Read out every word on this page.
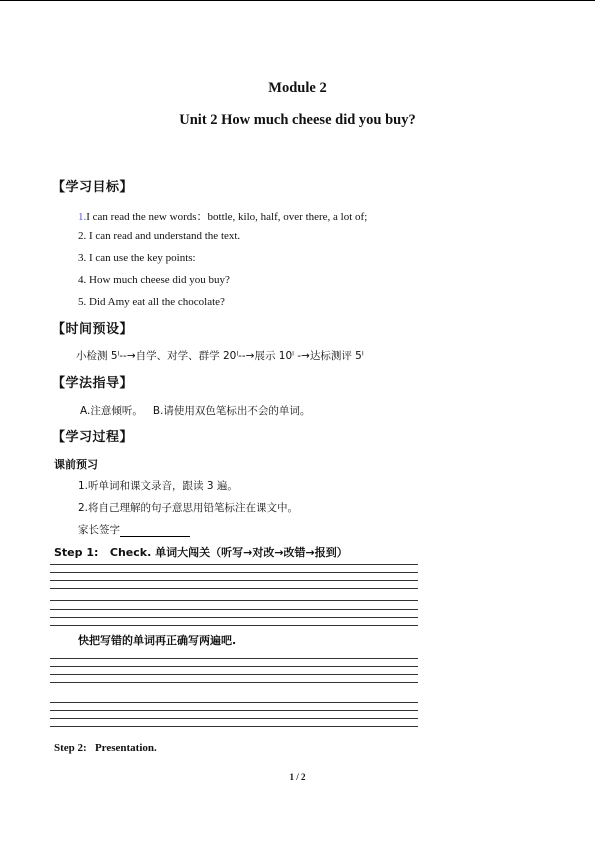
Module 2
Unit 2 How much cheese did you buy?
【学习目标】
1.I can read the new words：bottle, kilo, half, over there, a lot of;
2. I can read and understand the text.
3. I can use the key points:
4. How much cheese did you buy?
5. Did Amy eat all the chocolate?
【时间预设】
小检测 5ˡ--→自学、对学、群学 20ˡ--→展示 10ˡ -→达标测评 5ˡ
【学法指导】
A.注意倾听。   B.请使用双色笔标出不会的单词。
【学习过程】
课前预习
1.听单词和课文录音，跟读 3 遍。
2.将自己理解的句子意思用铅笔标注在课文中。
家长签字
Step 1: Check. 单词大闯关（听写→对改→改错→报到）
快把写错的单词再正确写两遍吧.
Step 2: Presentation.
1 / 2
